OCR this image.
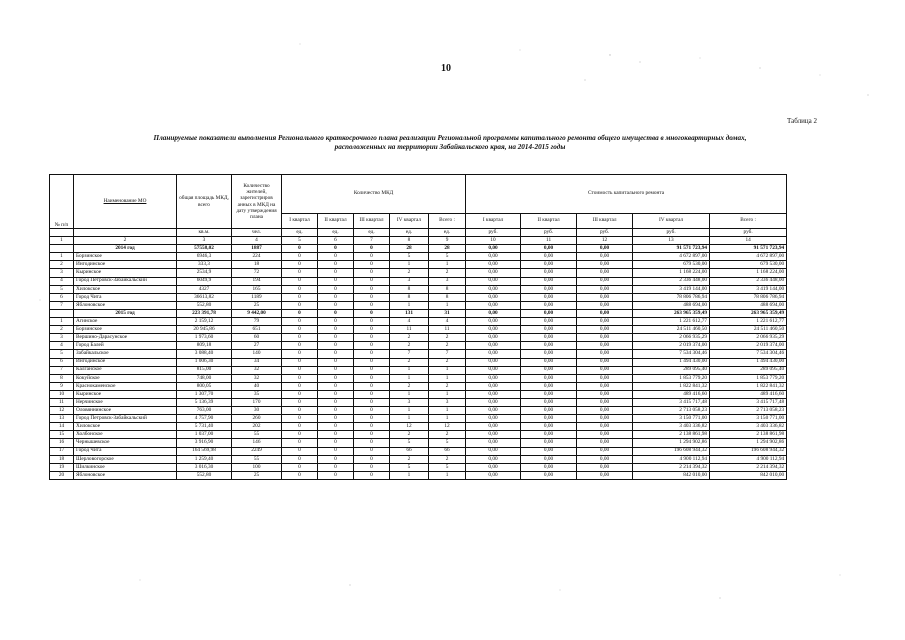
10
Таблица 2
Планируемые показатели выполнения Регионального краткосрочного плана реализации Региональной программы капитального ремонта общего имущества в многоквартирных домах,
расположенных на территории Забайкальского края, на 2014-2015 годы
№ п/п	Наименование МО	общая площадь МКД, всего	Количество жителей, зарегистриров анных в МКД на дату утверждения плана	Количество МКД					Стоимость капитального ремонта				
				I квартал	II квартал	III квартал	IV квартал	Всего :	I квартал	II квартал	III квартал	IV квартал	Всего :
		кв.м.	чел.	ед.	ед.	ед.	ед.	ед.	руб.	руб.	руб.	руб.	руб.
1	2	3	4	5	6	7	8	9	10	11	12	13	14
	2014 год	57558,02	1887	0	0	0	28	28	0,00	0,00	0,00	91 571 723,94	91 571 723,94
1	Борзинское	6946,3	224	0	0	0	5	5	0,00	0,00	0,00	4 672 897,00	4 672 897,00
2	Ингодинское	333,3	18	0	0	0	1	1	0,00	0,00	0,00	679 530,00	679 530,00
3	Кыринское	2534,9	72	0	0	0	2	2	0,00	0,00	0,00	1 168 224,00	1 168 224,00
4	Город Петровск-Забайкальский	6049,9	194	0	0	0	3	3	0,00	0,00	0,00	2 336 448,00	2 336 448,00
5	Хилокское	4327	165	0	0	0	8	8	0,00	0,00	0,00	3 419 144,00	3 419 144,00
6	Город Чита	36613,82	1189	0	0	0	8	8	0,00	0,00	0,00	78 806 786,94	78 806 786,94
7	Яблоновское	552,80	25	0	0	0	1	1	0,00	0,00	0,00	488 694,00	488 694,00
	2015 год	223 391,78	9 442,00	0	0	0	131	31	0,00	0,00	0,00	263 965 359,49	263 965 359,49
1	Агинское	2 159,12	79	0	0	0	4	4	0,00	0,00	0,00	1 221 612,77	1 221 612,77
2	Борзинское	20 945,86	651	0	0	0	11	11	0,00	0,00	0,00	24 511 460,50	24 511 460,50
3	Вершино-Дарасунское	1 973,60	60	0	0	0	2	2	0,00	0,00	0,00	2 066 935,29	2 066 935,29
4	Город Балей	809,18	27	0	0	0	2	2	0,00	0,00	0,00	2 019 374,00	2 019 374,00
5	Забайкальское	3 088,40	140	0	0	0	7	7	0,00	0,00	0,00	7 534 304,46	7 534 304,46
6	Ингодинское	1 006,30	34	0	0	0	2	2	0,00	0,00	0,00	1 494 430,00	1 494 430,00
7	Калганское	815,00	32	0	0	0	1	1	0,00	0,00	0,00	289 095,40	289 095,40
8	Кокуйское	748,00	32	0	0	0	1	1	0,00	0,00	0,00	1 853 779,20	1 853 779,20
9	Краснокаменское	800,05	40	0	0	0	2	2	0,00	0,00	0,00	1 822 841,32	1 822 841,32
10	Кыринское	1 307,70	35	0	0	0	1	1	0,00	0,00	0,00	489 416,60	489 416,60
11	Нерчинское	5 136,39	170	0	0	0	3	3	0,00	0,00	0,00	3 415 717,48	3 415 717,48
12	Оловяннинское	763,00	30	0	0	0	1	1	0,00	0,00	0,00	2 713 058,23	2 713 058,23
13	Город Петровск-Забайкальский	4 757,90	260	0	0	0	1	1	0,00	0,00	0,00	3 150 771,00	3 150 771,00
14	Хилокское	5 731,40	202	0	0	0	12	12	0,00	0,00	0,00	3 403 336,82	3 403 336,82
15	Холбонское	1 037,00	55	0	0	0	2	2	0,00	0,00	0,00	2 138 861,98	2 138 861,98
16	Чернышевское	3 916,90	146	0	0	0	5	5	0,00	0,00	0,00	1 294 902,86	1 294 902,86
17	Город Чита	164 569,98	2249	0	0	0	66	66	0,00	0,00	0,00	196 608 944,32	196 608 944,32
18	Шерловогорское	1 259,40	55	0	0	0	2	2	0,00	0,00	0,00	4 900 112,94	4 900 112,94
19	Шилкинское	3 016,30	100	0	0	0	5	5	0,00	0,00	0,00	2 214 394,32	2 214 394,32
20	Яблоновское	552,80	25	0	0	0	1	1	0,00	0,00	0,00	842 010,00	842 010,00
